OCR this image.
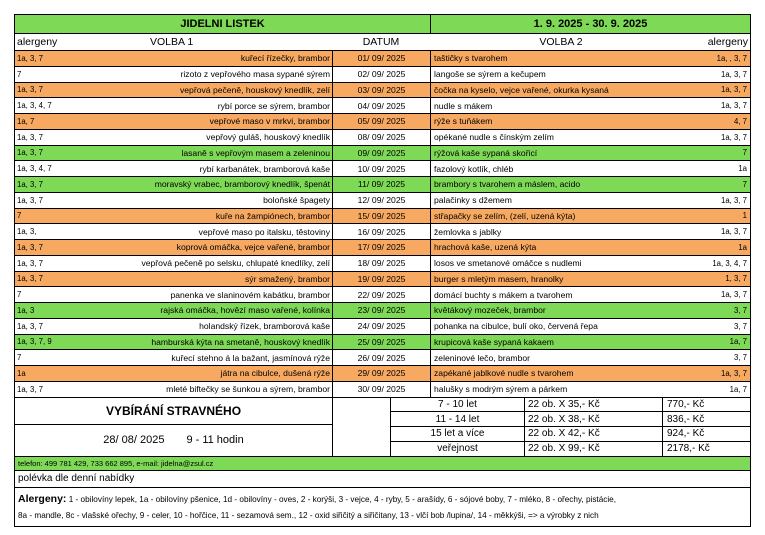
JIDELNI LISTEK	1. 9. 2025 - 30. 9. 2025
alergeny	VOLBA 1	DATUM	VOLBA 2	alergeny
1a, 3, 7	kuřecí řízečky, brambor	01/ 09/ 2025	taštičky s tvarohem	1a, , 3, 7
7	rizoto z vepřového masa sypané sýrem	02/ 09/ 2025	langoše se sýrem a kečupem	1a, 3, 7
1a, 3, 7	vepřová pečeně, houskový knedlík, zelí	03/ 09/ 2025	čočka na kyselo, vejce vařené, okurka kysaná	1a, 3, 7
1a, 3, 4, 7	rybí porce se sýrem, brambor	04/ 09/ 2025	nudle s mákem	1a, 3, 7
1a, 7	vepřové maso v mrkvi, brambor	05/ 09/ 2025	rýže s tuňákem	4, 7
1a, 3, 7	vepřový guláš, houskový knedlík	08/ 09/ 2025	opékané nudle s čínským zelím	1a, 3, 7
1a, 3, 7	lasaně s vepřovým masem a zeleninou	09/ 09/ 2025	rýžová kaše sypaná skořicí	7
1a, 3, 4, 7	rybí karbanátek, bramborová kaše	10/ 09/ 2025	fazolový kotlík, chléb	1a
1a, 3, 7	moravský vrabec, bramborový knedlík, špenát	11/ 09/ 2025	brambory s tvarohem a máslem, acido	7
1a, 3, 7	boloňské špagety	12/ 09/ 2025	palačinky s džemem	1a, 3, 7
7	kuře na žampiónech, brambor	15/ 09/ 2025	střapačky se zelím, (zelí, uzená kýta)	1
1a, 3,	vepřové maso po italsku, těstoviny	16/ 09/ 2025	žemlovka s jablky	1a, 3, 7
1a, 3, 7	koprová omáčka, vejce vařené, brambor	17/ 09/ 2025	hrachová kaše, uzená kýta	1a
1a, 3, 7	vepřová pečeně po selsku, chlupaté knedlíky, zelí	18/ 09/ 2025	losos ve smetanové omáčce s nudlemi	1a, 3, 4, 7
1a, 3, 7	sýr smažený, brambor	19/ 09/ 2025	burger s mletým masem, hranolky	1, 3, 7
7	panenka ve slaninovém kabátku, brambor	22/ 09/ 2025	domácí buchty s mákem a tvarohem	1a, 3, 7
1a, 3	rajská omáčka, hovězí maso vařené, kolínka	23/ 09/ 2025	květákový mozeček, brambor	3, 7
1a, 3, 7	holandský řízek, bramborová kaše	24/ 09/ 2025	pohanka na cibulce, bulí oko, červená řepa	3, 7
1a, 3, 7, 9	hamburská kýta na smetaně, houskový knedlík	25/ 09/ 2025	krupicová kaše sypaná kakaem	1a, 7
7	kuřecí stehno á la bažant, jasmínová rýže	26/ 09/ 2025	zeleninové lečo, brambor	3, 7
1a	játra na cibulce, dušená rýže	29/ 09/ 2025	zapékané jablkové nudle s tvarohem	1a, 3, 7
1a, 3, 7	mleté biftečky se šunkou a sýrem, brambor	30/ 09/ 2025	halušky s modrým sýrem a párkem	1a, 7
VYBÍRÁNÍ STRAVNÉHO
28/ 08/ 2025 9 - 11 hodin
7 - 10 let	22 ob. X 35,- Kč	770,- Kč
11 - 14 let	22 ob. X 38,- Kč	836,- Kč
15 let a více	22 ob. X 42,- Kč	924,- Kč
veřejnost	22 ob. X 99,- Kč	2178,- Kč
telefon: 499 781 429, 733 662 895, e-mail: jidelna@zsul.cz
polévka dle denní nabídky
Alergeny: 1 - obilovíny lepek, 1a - obilovíny pšenice, 1d - obilovíny - oves, 2 - korýši, 3 - vejce, 4 - ryby, 5 - arašídy, 6 - sójové boby, 7 - mléko, 8 - ořechy, pistácie,
8a - mandle, 8c - vlašské ořechy, 9 - celer, 10 - hořčice, 11 - sezamová sem., 12 - oxid siřičitý a siřičitany, 13 - vlčí bob /lupina/, 14 - měkkýši, => a výrobky z nich
